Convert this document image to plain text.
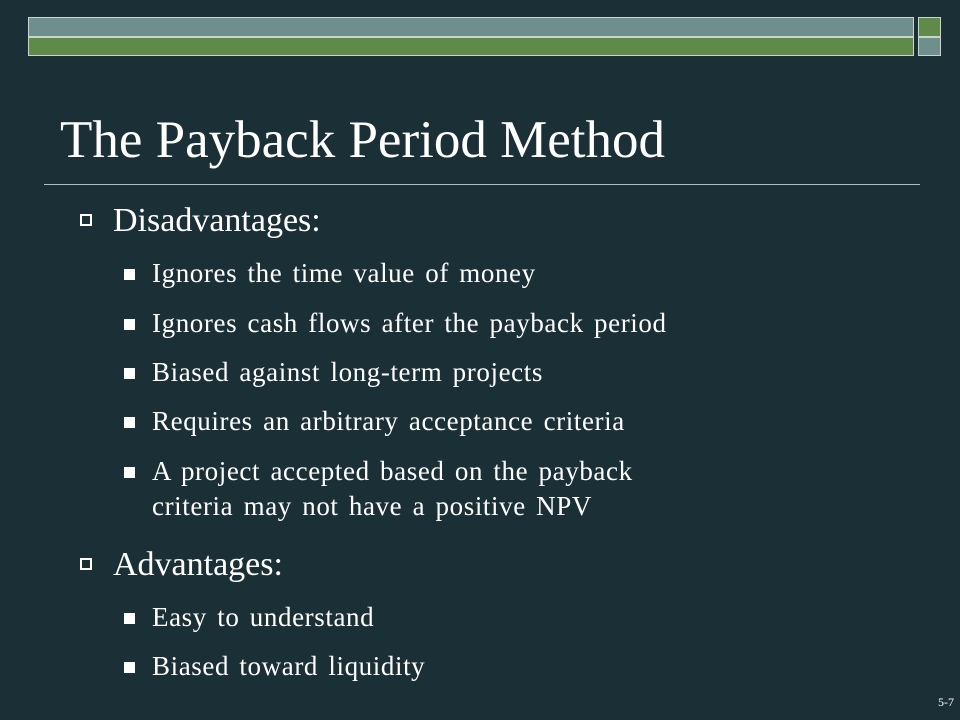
The Payback Period Method
Disadvantages:
Ignores the time value of money
Ignores cash flows after the payback period
Biased against long-term projects
Requires an arbitrary acceptance criteria
A project accepted based on the payback
criteria may not have a positive NPV
Advantages:
Easy to understand
Biased toward liquidity
5-7
